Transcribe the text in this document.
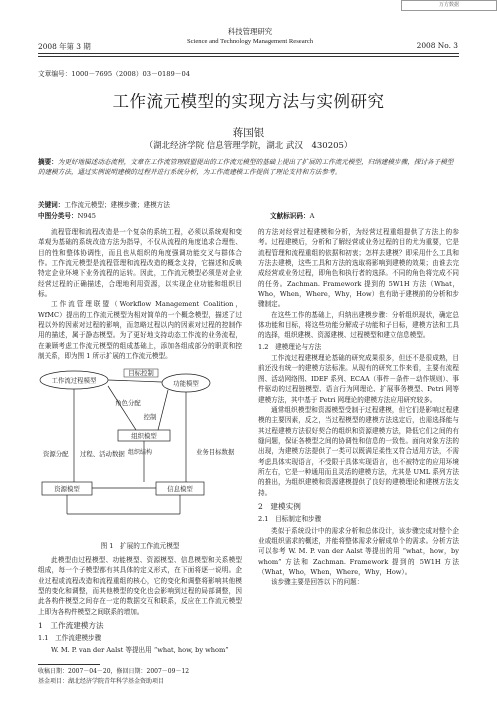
万方数据
2008 年第 3 期
科技管理研究
Science and Technology Management Research	2008 No. 3
文章编号：1000－7695（2008）03－0189－04
工作流元模型的实现方法与实例研究
蒋国银
（湖北经济学院 信息管理学院，湖北 武汉　430205）
摘要：为更好地描述动态流程，文章在工作流管理联盟提出的工作流元模型的基础上提出了扩展的工作流元模型，归纳建模步骤，探讨各子模型的建模方法，通过实例说明建模的过程并进行系统分析，为工作流建模工作提供了理论支持和方法参考。
关键词：工作流元模型；建模步骤；建模方法
中图分类号：N945	文献标识码：A

流程管理和流程改造是一个复杂的系统工程，必须以系统观和变革观为基础的系统改造方法为指导，不仅从流程的角度追求合理性、目的性和整体协调性，而且也从组织的角度强调功能交叉与群体合作。工作流元模型是流程管理和流程改造的概念支持，它描述和反映特定企业环境下业务流程的运转。因此，工作流元模型必须是对企业经营过程的正确描述，合理地利用资源，以实现企业功能和组织目标。

工作流管理联盟（Workflow Management Coalition，WfMC）提出的工作流元模型为相对简单的一个概念模型，描述了过程以外的因素对过程的影响，而忽略过程以内的因素对过程的控制作用的描述，属于静态模型。为了更好地支持动态工作流的业务流程，在兼顾考虑工作流元模型的组成基础上，添加各组成部分的职责和控制关系，即为图 1 所示扩展的工作流元模型。

工作流过程模型
目标控制
功能模型
角色分配
控制
组织模型
资源分配 过程、活动数据 组织结构	业务目标数据
资源模型	信息模型
图 1　扩展的工作流元模型

此模型由过程模型、功能模型、资源模型、信息模型和关系模型组成，每一个子模型都有其具体的定义形式，在下面将逐一说明。企业过程或流程改造和流程重组的核心，它的变化和调整将影响其他模型的变化和调整，而其他模型的变化也会影响到过程的局部调整，因此各构件模型之间存在一定的数据交互和联系，反应在工作流元模型上即为各构件模型之间联系的增加。

1　工作流建模方法
1.1　工作流建模步骤

W. M. P. van der Aalst 等提出用 “what, how, by whom”

的方法对经营过程建模和分析，为经营过程重组提供了方法上的参考。过程建模后，分析和了解经营或业务过程的目的尤为重要，它是流程管理和流程重组的依据和初衷；怎样去建模？即采用什么工具和方法去建模，这些工具和方法的选取将影响到建模的效果；由谁去完成经营或业务过程，即角色和执行者的选择。不同的角色将完成不同的任务。Zachman. Framework 提到的 5W1H 方法（What，Who，When，Where，Why，How）也有助于建模前的分析和步骤制定。

在这些工作的基础上，归纳出建模步骤：分析组织现状，确定总体功能和目标，将这些功能分解成子功能和子目标，建模方法和工具的选择，组织建模、资源建模、过程模型和建立信息模型。

1.2　建模理论与方法

工作流过程建模理论基础的研究成果很多，但还不是很成熟，目前还没有统一的建模方法标准。从现有的研究工作来看，主要有流程图、活动网络图、IDEF 系列、ECAA（事件－条件－动作规则）、事件驱动的过程链模型、语言行为网理论、扩展事务模型、Petri 网等建模方法，其中基于 Petri 网理论的建模方法应用研究较多。

通常组织模型和资源模型受制于过程建模，但它们是影响过程建模的主要因素，反之，当过程模型的建模方法选定后，也需选择能与其过程建模方法很好契合的组织和资源建模方法，降低它们之间的有缝问题，保证各模型之间的协调性和信息的一致性。面向对象方法的出现，为建模方法提供了一类可以既满足柔性又符合适用方法，不需考虑具体实现语言，不受限于具体实现语言，也不被特定的应用环境所左右，它是一种通用而且灵活的建模方法，尤其是 UML 系列方法的推出，为组织建模和资源建模提供了良好的建模理论和建模方法支持。

2　建模实例
2.1　目标制定和步骤

类似于系统设计中的需求分析和总体设计，该步骤完成对整个企业或组织需求的概述，并能将整体需求分解成单个的需求。分析方法可以参考 W. M. P. van der Aalst 等提出的用 “what，how，by whom” 方法和 Zachman. Framework 提到的 5W1H 方法（What，Who，When，Where，Why，How）。

该步骤主要是回答以下的问题：

收稿日期：2007－04－20，修回日期：2007－09－12
基金项目：湖北经济学院青年科学基金资助项目
